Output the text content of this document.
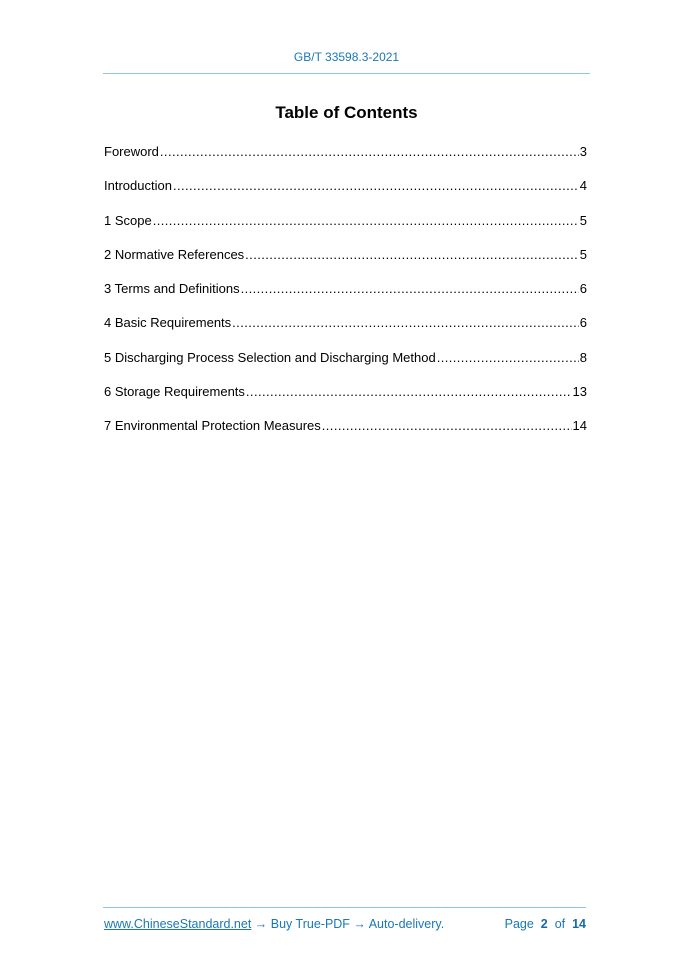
GB/T 33598.3-2021
Table of Contents
Foreword .....	3
Introduction .....	4
1 Scope .....	5
2 Normative References .....	5
3 Terms and Definitions .....	6
4 Basic Requirements .....	6
5 Discharging Process Selection and Discharging Method .....	8
6 Storage Requirements .....	13
7 Environmental Protection Measures .....	14
www.ChineseStandard.net → Buy True-PDF → Auto-delivery.	Page 2 of 14
